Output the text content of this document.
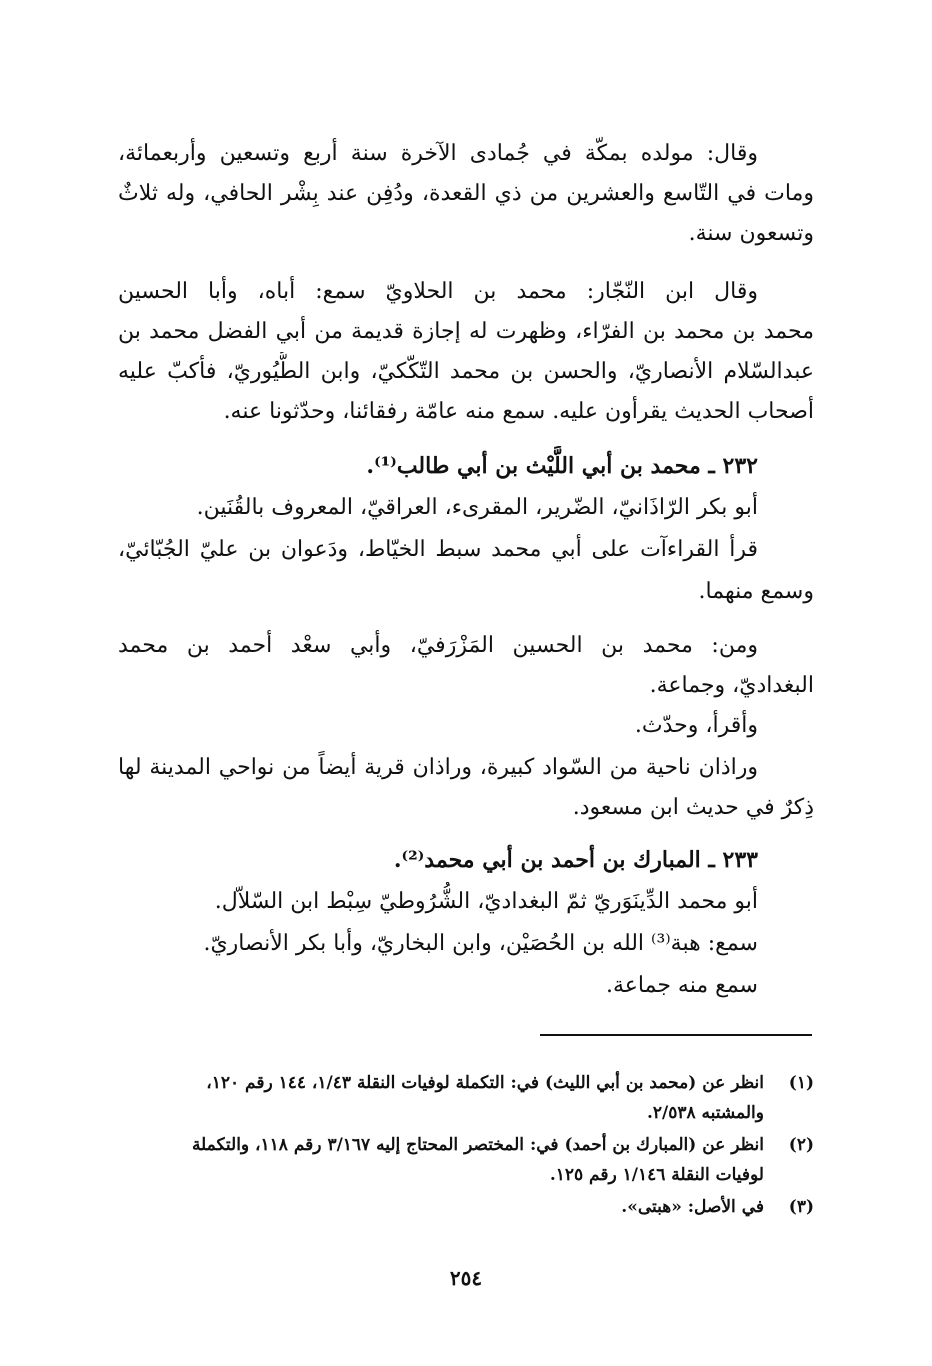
وقال: مولده بمكّة في جُمادى الآخرة سنة أربع وتسعين وأربعمائة،
ومات في التّاسع والعشرين من ذي القعدة، ودُفِن عند بِشْر الحافي، وله ثلاثٌ
وتسعون سنة.
وقال ابن النّجّار: محمد بن الحلاويّ سمع: أباه، وأبا الحسين
محمد بن محمد بن الفرّاء، وظهرت له إجازة قديمة من أبي الفضل محمد بن
عبدالسّلام الأنصاريّ، والحسن بن محمد التّكّكيّ، وابن الطُّيُوريّ، فأكبّ عليه
أصحاب الحديث يقرأون عليه. سمع منه عامّة رفقائنا، وحدّثونا عنه.
٢٣٢ ـ محمد بن أبي اللَّيْث بن أبي طالب⁽¹⁾.
أبو بكر الرّاذَانيّ، الضّرير، المقرىء، العراقيّ، المعروف بالقُنَين.
قرأ القراءآت على أبي محمد سبط الخيّاط، ودَعوان بن عليّ الجُبّائيّ،
وسمع منهما.
ومن: محمد بن الحسين المَزْرَفيّ، وأبي سعْد أحمد بن محمد
البغداديّ، وجماعة.
وأقرأ، وحدّث.
وراذان ناحية من السّواد كبيرة، وراذان قرية أيضاً من نواحي المدينة لها
ذِكرٌ في حديث ابن مسعود.
٢٣٣ ـ المبارك بن أحمد بن أبي محمد⁽²⁾.
أبو محمد الدِّينَوَريّ ثمّ البغداديّ، الشُّرُوطيّ سِبْط ابن السّلاّل.
سمع: هبة⁽³⁾ الله بن الحُصَيْن، وابن البخاريّ، وأبا بكر الأنصاريّ.
سمع منه جماعة.
(١)انظر عن (محمد بن أبي الليث) في: التكملة لوفيات النقلة ١/٤٣، ١٤٤ رقم ١٢٠،
والمشتبه ٢/٥٣٨.
(٢)انظر عن (المبارك بن أحمد) في: المختصر المحتاج إليه ٣/١٦٧ رقم ١١٨، والتكملة
لوفيات النقلة ١/١٤٦ رقم ١٢٥.
(٣)في الأصل: «هبتى».
٢٥٤
